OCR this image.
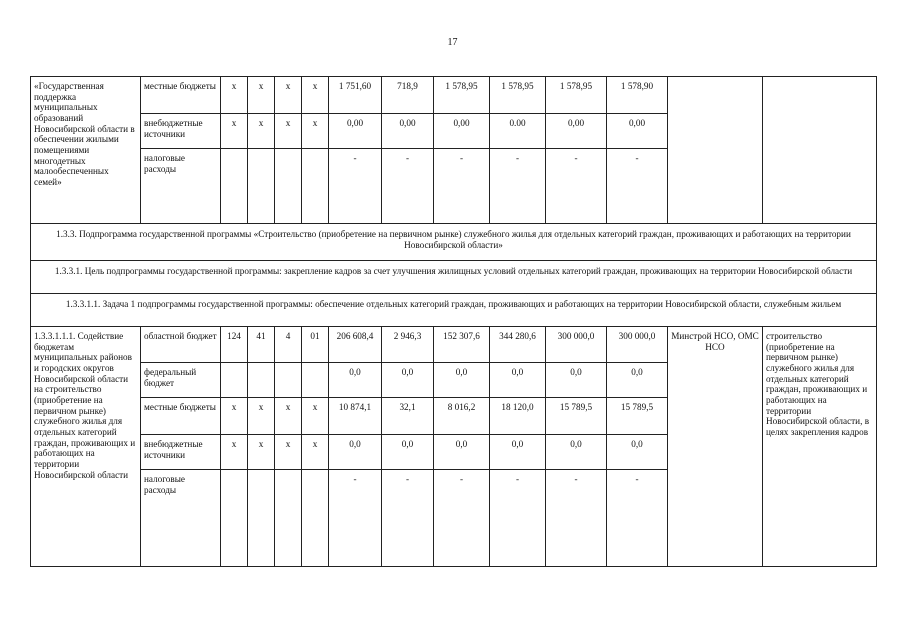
17
«Государственная поддержка муниципальных образований Новосибирской области в обеспечении жилыми помещениями многодетных малообеспеченных семей»	местные бюджеты	x	x	x	x	1 751,60	718,9	1 578,95	1 578,95	1 578,95	1 578,90		
	внебюджетные источники	x	x	x	x	0,00	0,00	0,00	0.00	0,00	0,00		
	налоговые расходы					-	-	-	-	-	-		
1.3.3. Подпрограмма государственной программы «Строительство (приобретение на первичном рынке) служебного жилья для отдельных категорий граждан, проживающих и работающих на территории Новосибирской области»													
1.3.3.1. Цель подпрограммы государственной программы: закрепление кадров за счет улучшения жилищных условий отдельных категорий граждан, проживающих на территории Новосибирской области													
1.3.3.1.1. Задача 1 подпрограммы государственной программы: обеспечение отдельных категорий граждан, проживающих и работающих на территории Новосибирской области, служебным жильем													
1.3.3.1.1.1. Содействие бюджетам муниципальных районов и городских округов Новосибирской области на строительство (приобретение на первичном рынке) служебного жилья для отдельных категорий граждан, проживающих и работающих на территории Новосибирской области	областной бюджет	124	41	4	01	206 608,4	2 946,3	152 307,6	344 280,6	300 000,0	300 000,0	Минстрой НСО, ОМС НСО	строительство (приобретение на первичном рынке) служебного жилья для отдельных категорий граждан, проживающих и работающих на территории Новосибирской области, в целях закрепления кадров
	федеральный бюджет					0,0	0,0	0,0	0,0	0,0	0,0		
	местные бюджеты	x	x	x	x	10 874,1	32,1	8 016,2	18 120,0	15 789,5	15 789,5		
	внебюджетные источники	x	x	x	x	0,0	0,0	0,0	0,0	0,0	0,0		
	налоговые расходы					-	-	-	-	-	-		
